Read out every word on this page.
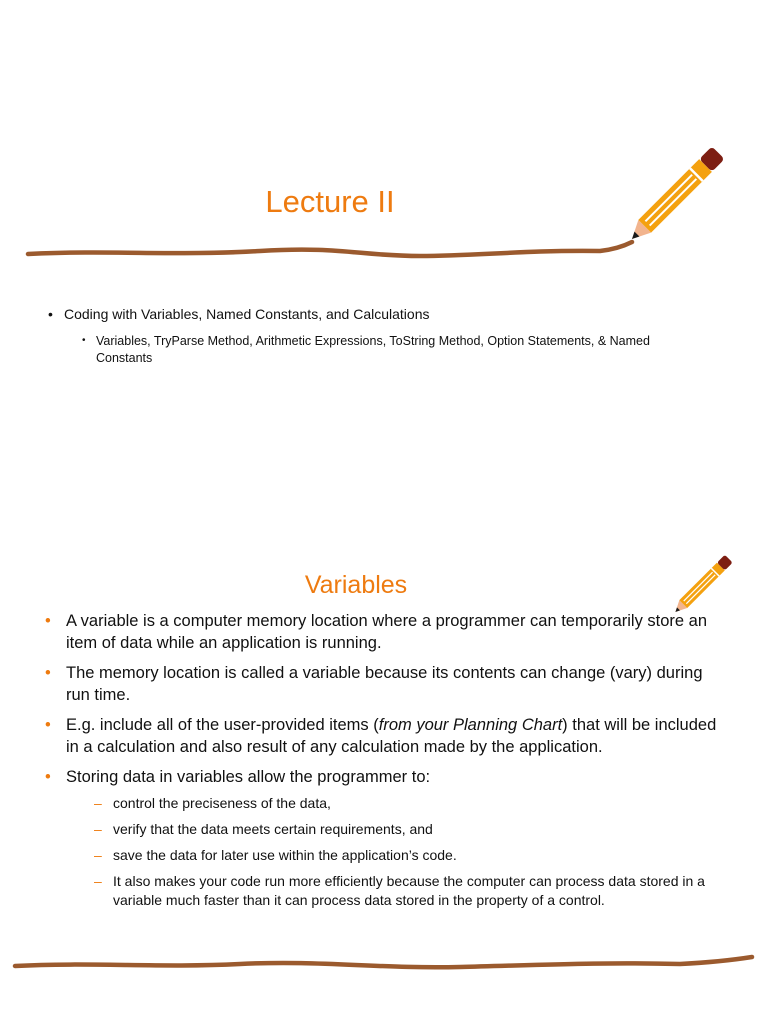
Lecture II
• Coding with Variables, Named Constants, and Calculations
• Variables, TryParse Method, Arithmetic Expressions, ToString Method, Option Statements, & Named Constants
Variables
• A variable is a computer memory location where a programmer can temporarily store an item of data while an application is running.
• The memory location is called a variable because its contents can change (vary) during run time.
• E.g. include all of the user-provided items (from your Planning Chart) that will be included in a calculation and also result of any calculation made by the application.
• Storing data in variables allow the programmer to:
– control the preciseness of the data,
– verify that the data meets certain requirements, and
– save the data for later use within the application’s code.
– It also makes your code run more efficiently because the computer can process data stored in a variable much faster than it can process data stored in the property of a control.
